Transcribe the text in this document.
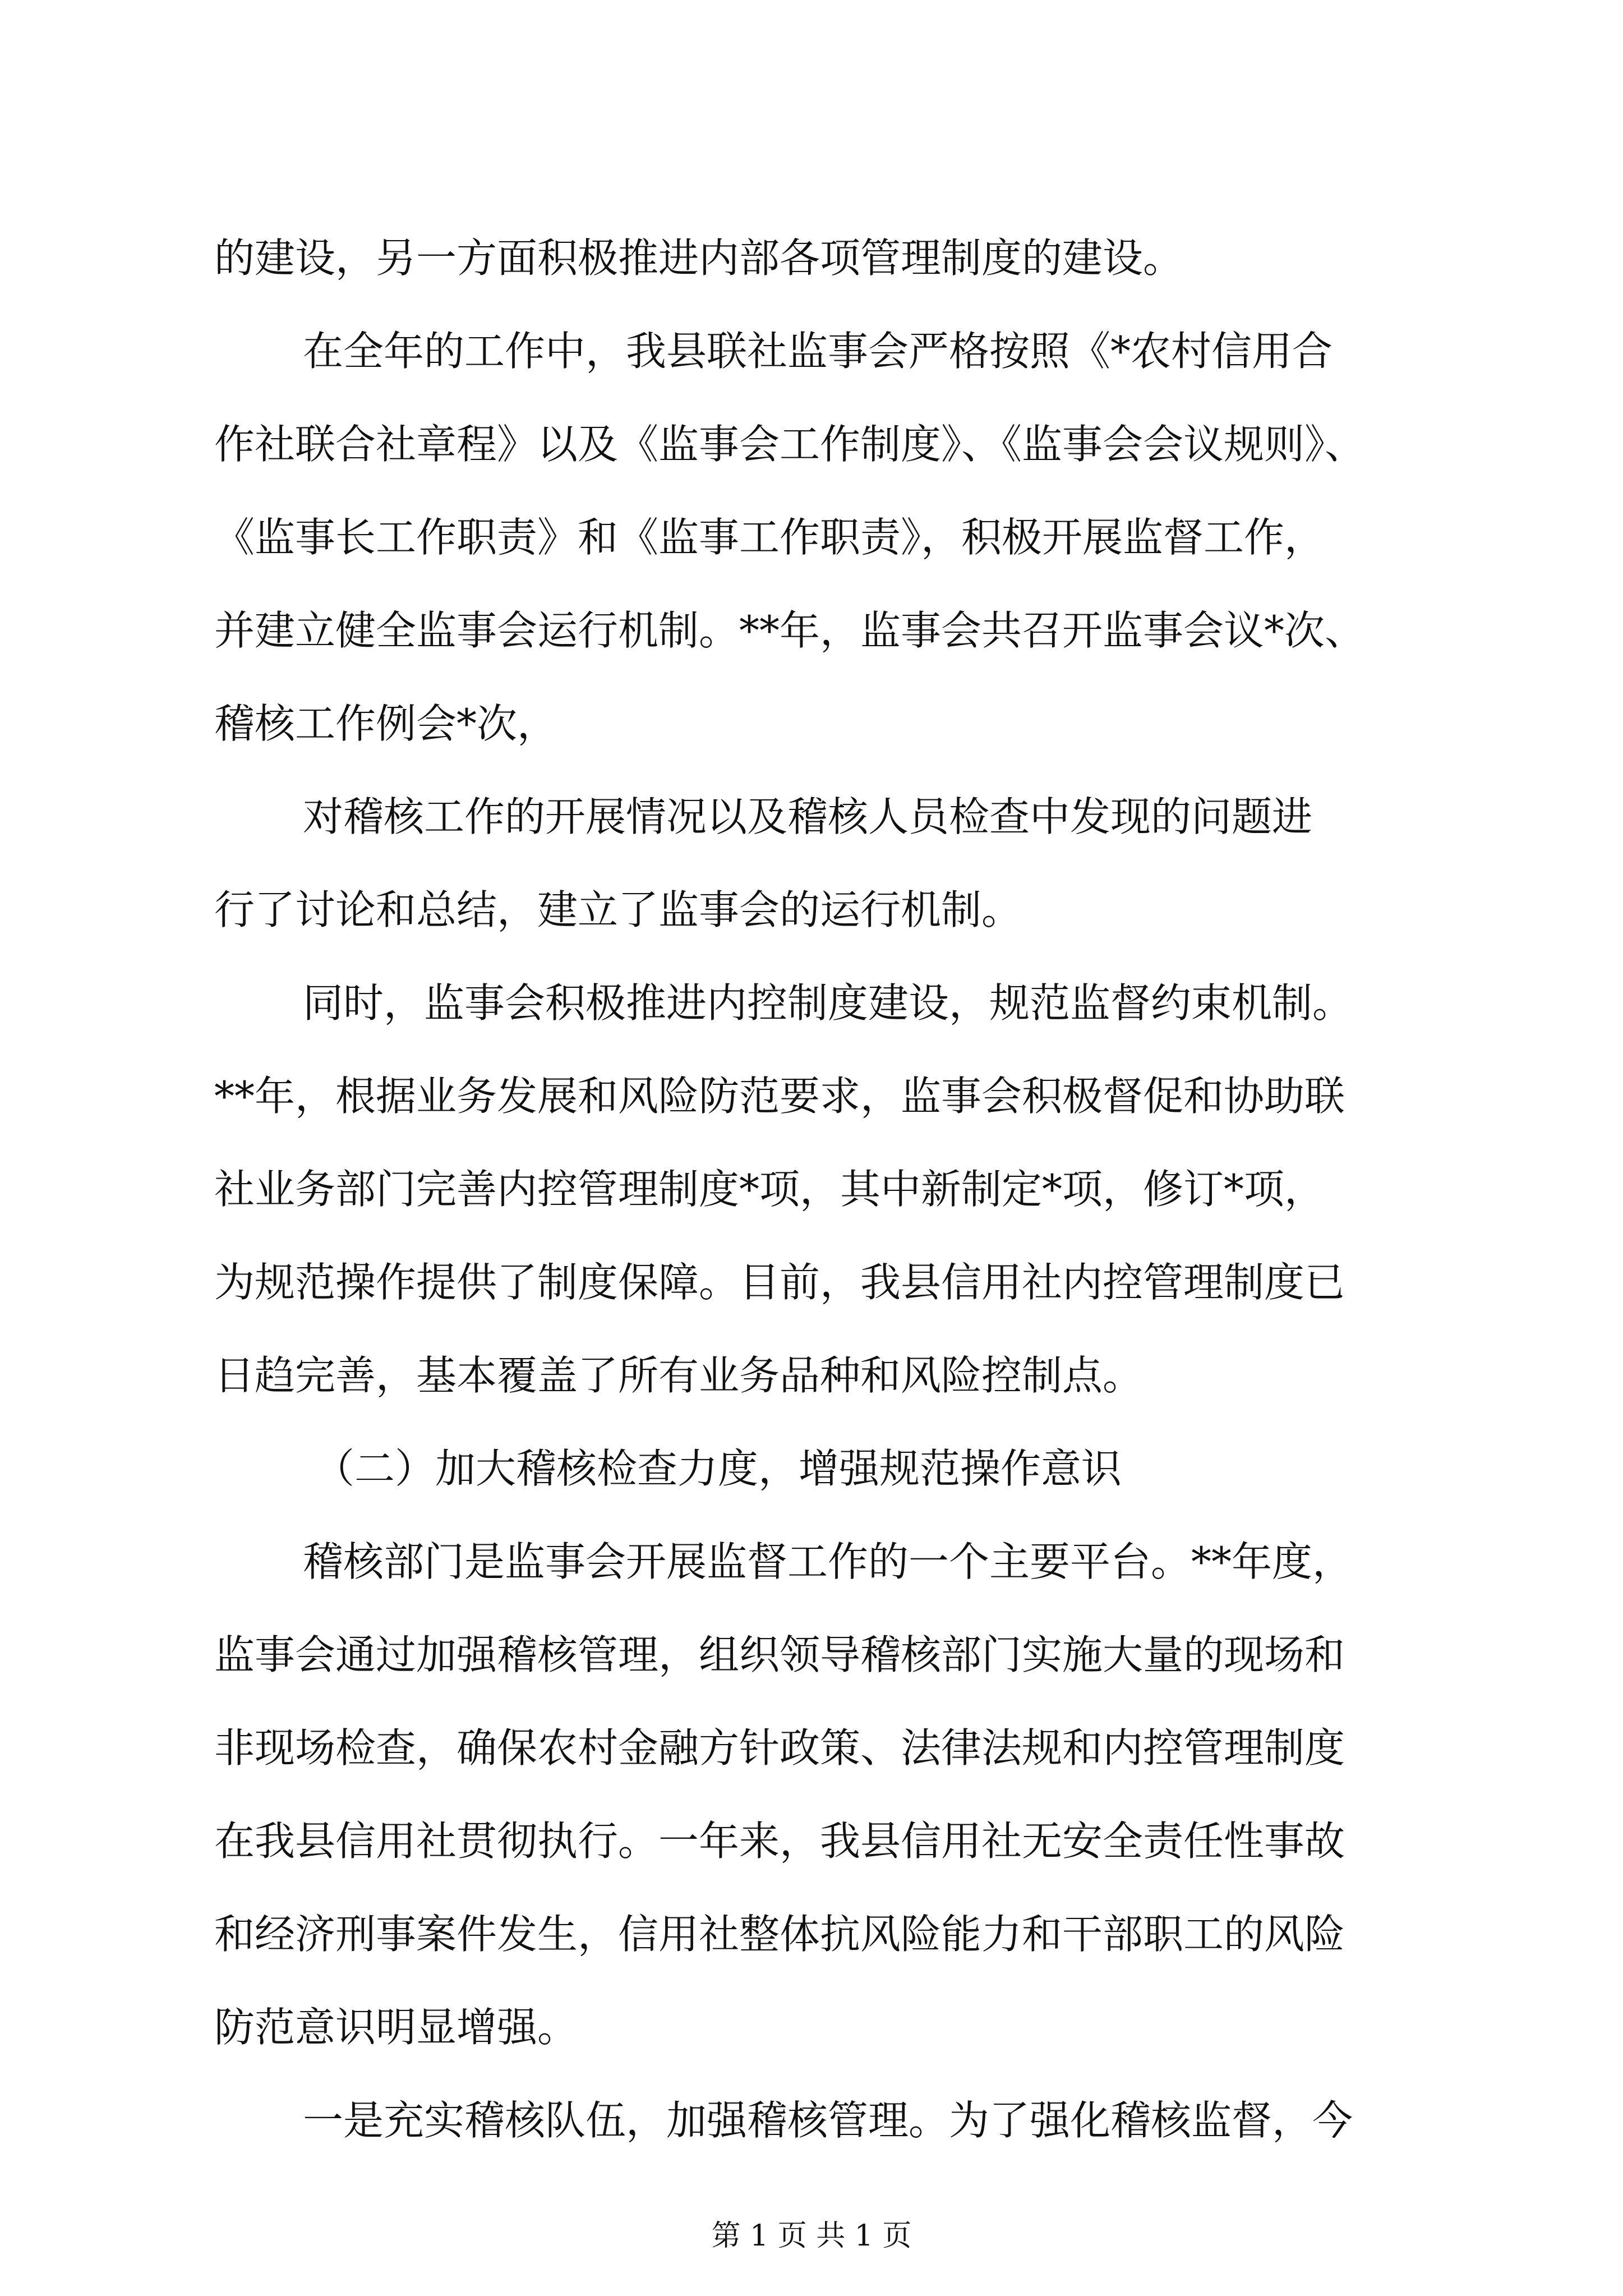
的建设，另一方面积极推进内部各项管理制度的建设。
在全年的工作中，我县联社监事会严格按照《*农村信用合
作社联合社章程》以及《监事会工作制度》、《监事会会议规则》、
《监事长工作职责》和《监事工作职责》，积极开展监督工作，
并建立健全监事会运行机制。**年，监事会共召开监事会议*次、
稽核工作例会*次，
对稽核工作的开展情况以及稽核人员检查中发现的问题进
行了讨论和总结，建立了监事会的运行机制。
同时，监事会积极推进内控制度建设，规范监督约束机制。
**年，根据业务发展和风险防范要求，监事会积极督促和协助联
社业务部门完善内控管理制度*项，其中新制定*项，修订*项，
为规范操作提供了制度保障。目前，我县信用社内控管理制度已
日趋完善，基本覆盖了所有业务品种和风险控制点。
（二）加大稽核检查力度，增强规范操作意识
稽核部门是监事会开展监督工作的一个主要平台。**年度，
监事会通过加强稽核管理，组织领导稽核部门实施大量的现场和
非现场检查，确保农村金融方针政策、法律法规和内控管理制度
在我县信用社贯彻执行。一年来，我县信用社无安全责任性事故
和经济刑事案件发生，信用社整体抗风险能力和干部职工的风险
防范意识明显增强。
一是充实稽核队伍，加强稽核管理。为了强化稽核监督，今
第 1 页 共 1 页
